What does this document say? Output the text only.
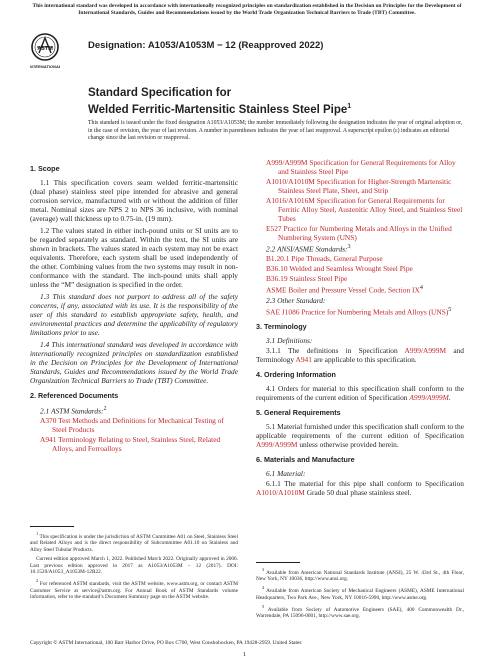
This international standard was developed in accordance with internationally recognized principles on standardization established in the Decision on Principles for the Development of International Standards, Guides and Recommendations issued by the World Trade Organization Technical Barriers to Trade (TBT) Committee.
ASTM
INTERNATIONAL
Designation: A1053/A1053M − 12 (Reapproved 2022)
Standard Specification for
Welded Ferritic-Martensitic Stainless Steel Pipe$^1$
This standard is issued under the fixed designation A1053/A1053M; the number immediately following the designation indicates the year of original adoption or, in the case of revision, the year of last revision. A number in parentheses indicates the year of last reapproval. A superscript epsilon (ε) indicates an editorial change since the last revision or reapproval.
1. Scope

1.1 This specification covers seam welded ferritic-martensitic (dual phase) stainless steel pipe intended for abrasive and general corrosion service, manufactured with or without the addition of filler metal. Nominal sizes are NPS 2 to NPS 36 inclusive, with nominal (average) wall thickness up to 0.75-in. (19 mm).

1.2 The values stated in either inch-pound units or SI units are to be regarded separately as standard. Within the text, the SI units are shown in brackets. The values stated in each system may not be exact equivalents. Therefore, each system shall be used independently of the other. Combining values from the two systems may result in non-conformance with the standard. The inch-pound units shall apply unless the “M” designation is specified in the order.

1.3 This standard does not purport to address all of the safety concerns, if any, associated with its use. It is the responsibility of the user of this standard to establish appropriate safety, health, and environmental practices and determine the applicability of regulatory limitations prior to use.

1.4 This international standard was developed in accordance with internationally recognized principles on standardization established in the Decision on Principles for the Development of International Standards, Guides and Recommendations issued by the World Trade Organization Technical Barriers to Trade (TBT) Committee.

2. Referenced Documents
2.1 ASTM Standards:$^2$
A370 Test Methods and Definitions for Mechanical Testing of Steel Products
A941 Terminology Relating to Steel, Stainless Steel, Related Alloys, and Ferroalloys

$^1$ This specification is under the jurisdiction of ASTM Committee A01 on Steel, Stainless Steel and Related Alloys and is the direct responsibility of Subcommittee A01.10 on Stainless and Alloy Steel Tubular Products.

Current edition approved March 1, 2022. Published March 2022. Originally approved in 2006. Last previous edition approved in 2017 as A1053/A1053M – 12 (2017). DOI: 10.1520/A1053_A1053M-12R22.

$^2$ For referenced ASTM standards, visit the ASTM website, www.astm.org, or contact ASTM Customer Service at service@astm.org. For Annual Book of ASTM Standards volume information, refer to the standard’s Document Summary page on the ASTM website.

A999/A999M Specification for General Requirements for Alloy and Stainless Steel Pipe
A1010/A1010M Specification for Higher-Strength Martensitic Stainless Steel Plate, Sheet, and Strip
A1016/A1016M Specification for General Requirements for Ferritic Alloy Steel, Austenitic Alloy Steel, and Stainless Steel Tubes
E527 Practice for Numbering Metals and Alloys in the Unified Numbering System (UNS)
2.2 ANSI/ASME Standards:$^3$
B1.20.1 Pipe Threads, General Purpose
B36.10 Welded and Seamless Wrought Steel Pipe
B36.19 Stainless Steel Pipe
ASME Boiler and Pressure Vessel Code, Section $IX^4$
2.3 Other Standard:
SAE J1086 Practice for Numbering Metals and Alloys (UNS)$^5$
3. Terminology
3.1 Definitions:

3.1.1 The definitions in Specification A999/A999M and Terminology A941 are applicable to this specification.

4. Ordering Information

4.1 Orders for material to this specification shall conform to the requirements of the current edition of Specification A999/A999M.

5. General Requirements

5.1 Material furnished under this specification shall conform to the applicable requirements of the current edition of Specification A999/A999M unless otherwise provided herein.

6. Materials and Manufacture
6.1 Material:

6.1.1 The material for this pipe shall conform to Specification A1010/A1010M Grade 50 dual phase stainless steel.

$^3$ Available from American National Standards Institute (ANSI), 25 W. 43rd St., 4th Floor, New York, NY 10036, http://www.ansi.org.

$^4$ Available from American Society of Mechanical Engineers (ASME), ASME International Headquarters, Two Park Ave., New York, NY 10016-5990, http://www.asme.org.

$^5$ Available from Society of Automotive Engineers (SAE), 400 Commonwealth Dr., Warrendale, PA 15096-0001, http://www.sae.org.

Copyright © ASTM International, 100 Barr Harbor Drive, PO Box C700, West Conshohocken, PA 19428-2959. United States
1
